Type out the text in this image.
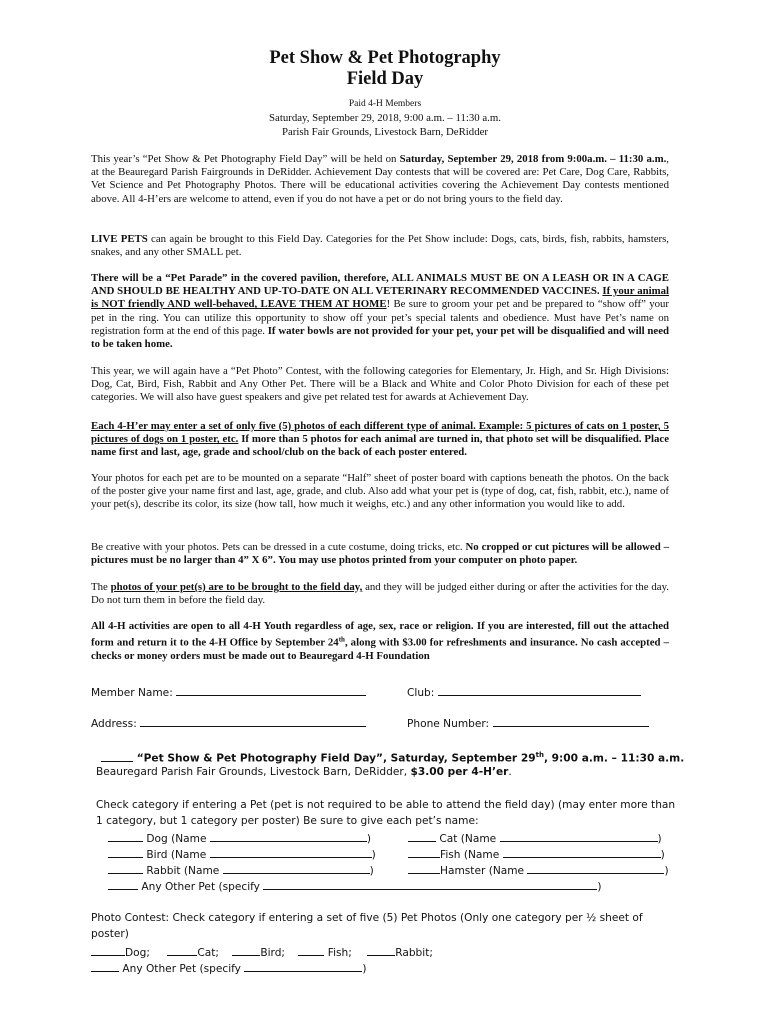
Pet Show & Pet Photography
Field Day
Paid 4-H Members
Saturday, September 29, 2018, 9:00 a.m. – 11:30 a.m.
Parish Fair Grounds, Livestock Barn, DeRidder
This year’s “Pet Show & Pet Photography Field Day” will be held on Saturday, September 29, 2018 from 9:00a.m. – 11:30 a.m., at the Beauregard Parish Fairgrounds in DeRidder. Achievement Day contests that will be covered are: Pet Care, Dog Care, Rabbits, Vet Science and Pet Photography Photos. There will be educational activities covering the Achievement Day contests mentioned above. All 4-H’ers are welcome to attend, even if you do not have a pet or do not bring yours to the field day.
LIVE PETS can again be brought to this Field Day. Categories for the Pet Show include: Dogs, cats, birds, fish, rabbits, hamsters, snakes, and any other SMALL pet.
There will be a “Pet Parade” in the covered pavilion, therefore, ALL ANIMALS MUST BE ON A LEASH OR IN A CAGE AND SHOULD BE HEALTHY AND UP-TO-DATE ON ALL VETERINARY RECOMMENDED VACCINES. If your animal is NOT friendly AND well-behaved, LEAVE THEM AT HOME! Be sure to groom your pet and be prepared to “show off” your pet in the ring. You can utilize this opportunity to show off your pet’s special talents and obedience. Must have Pet’s name on registration form at the end of this page. If water bowls are not provided for your pet, your pet will be disqualified and will need to be taken home.
This year, we will again have a “Pet Photo” Contest, with the following categories for Elementary, Jr. High, and Sr. High Divisions: Dog, Cat, Bird, Fish, Rabbit and Any Other Pet. There will be a Black and White and Color Photo Division for each of these pet categories. We will also have guest speakers and give pet related test for awards at Achievement Day.
Each 4-H’er may enter a set of only five (5) photos of each different type of animal. Example: 5 pictures of cats on 1 poster, 5 pictures of dogs on 1 poster, etc. If more than 5 photos for each animal are turned in, that photo set will be disqualified. Place name first and last, age, grade and school/club on the back of each poster entered.
Your photos for each pet are to be mounted on a separate “Half” sheet of poster board with captions beneath the photos. On the back of the poster give your name first and last, age, grade, and club. Also add what your pet is (type of dog, cat, fish, rabbit, etc.), name of your pet(s), describe its color, its size (how tall, how much it weighs, etc.) and any other information you would like to add.
Be creative with your photos. Pets can be dressed in a cute costume, doing tricks, etc. No cropped or cut pictures will be allowed – pictures must be no larger than 4” X 6”. You may use photos printed from your computer on photo paper.
The photos of your pet(s) are to be brought to the field day, and they will be judged either during or after the activities for the day. Do not turn them in before the field day.
All 4-H activities are open to all 4-H Youth regardless of age, sex, race or religion. If you are interested, fill out the attached form and return it to the 4-H Office by September 24th, along with $3.00 for refreshments and insurance. No cash accepted – checks or money orders must be made out to Beauregard 4-H Foundation
Member Name:	Club:
Address:	Phone Number:
“Pet Show & Pet Photography Field Day”, Saturday, September 29th, 9:00 a.m. – 11:30 a.m.
Beauregard Parish Fair Grounds, Livestock Barn, DeRidder, $3.00 per 4-H’er.
Check category if entering a Pet (pet is not required to be able to attend the field day) (may enter more than
1 category, but 1 category per poster) Be sure to give each pet’s name:
Dog (Name	)	Cat (Name	)
Bird (Name	)	Fish (Name	)
Rabbit (Name	)	Hamster (Name	)
Any Other Pet (specify	)
Photo Contest: Check category if entering a set of five (5) Pet Photos (Only one category per ½ sheet of
poster)
Dog;	Cat;	Bird;	Fish;	Rabbit;
Any Other Pet (specify	)
